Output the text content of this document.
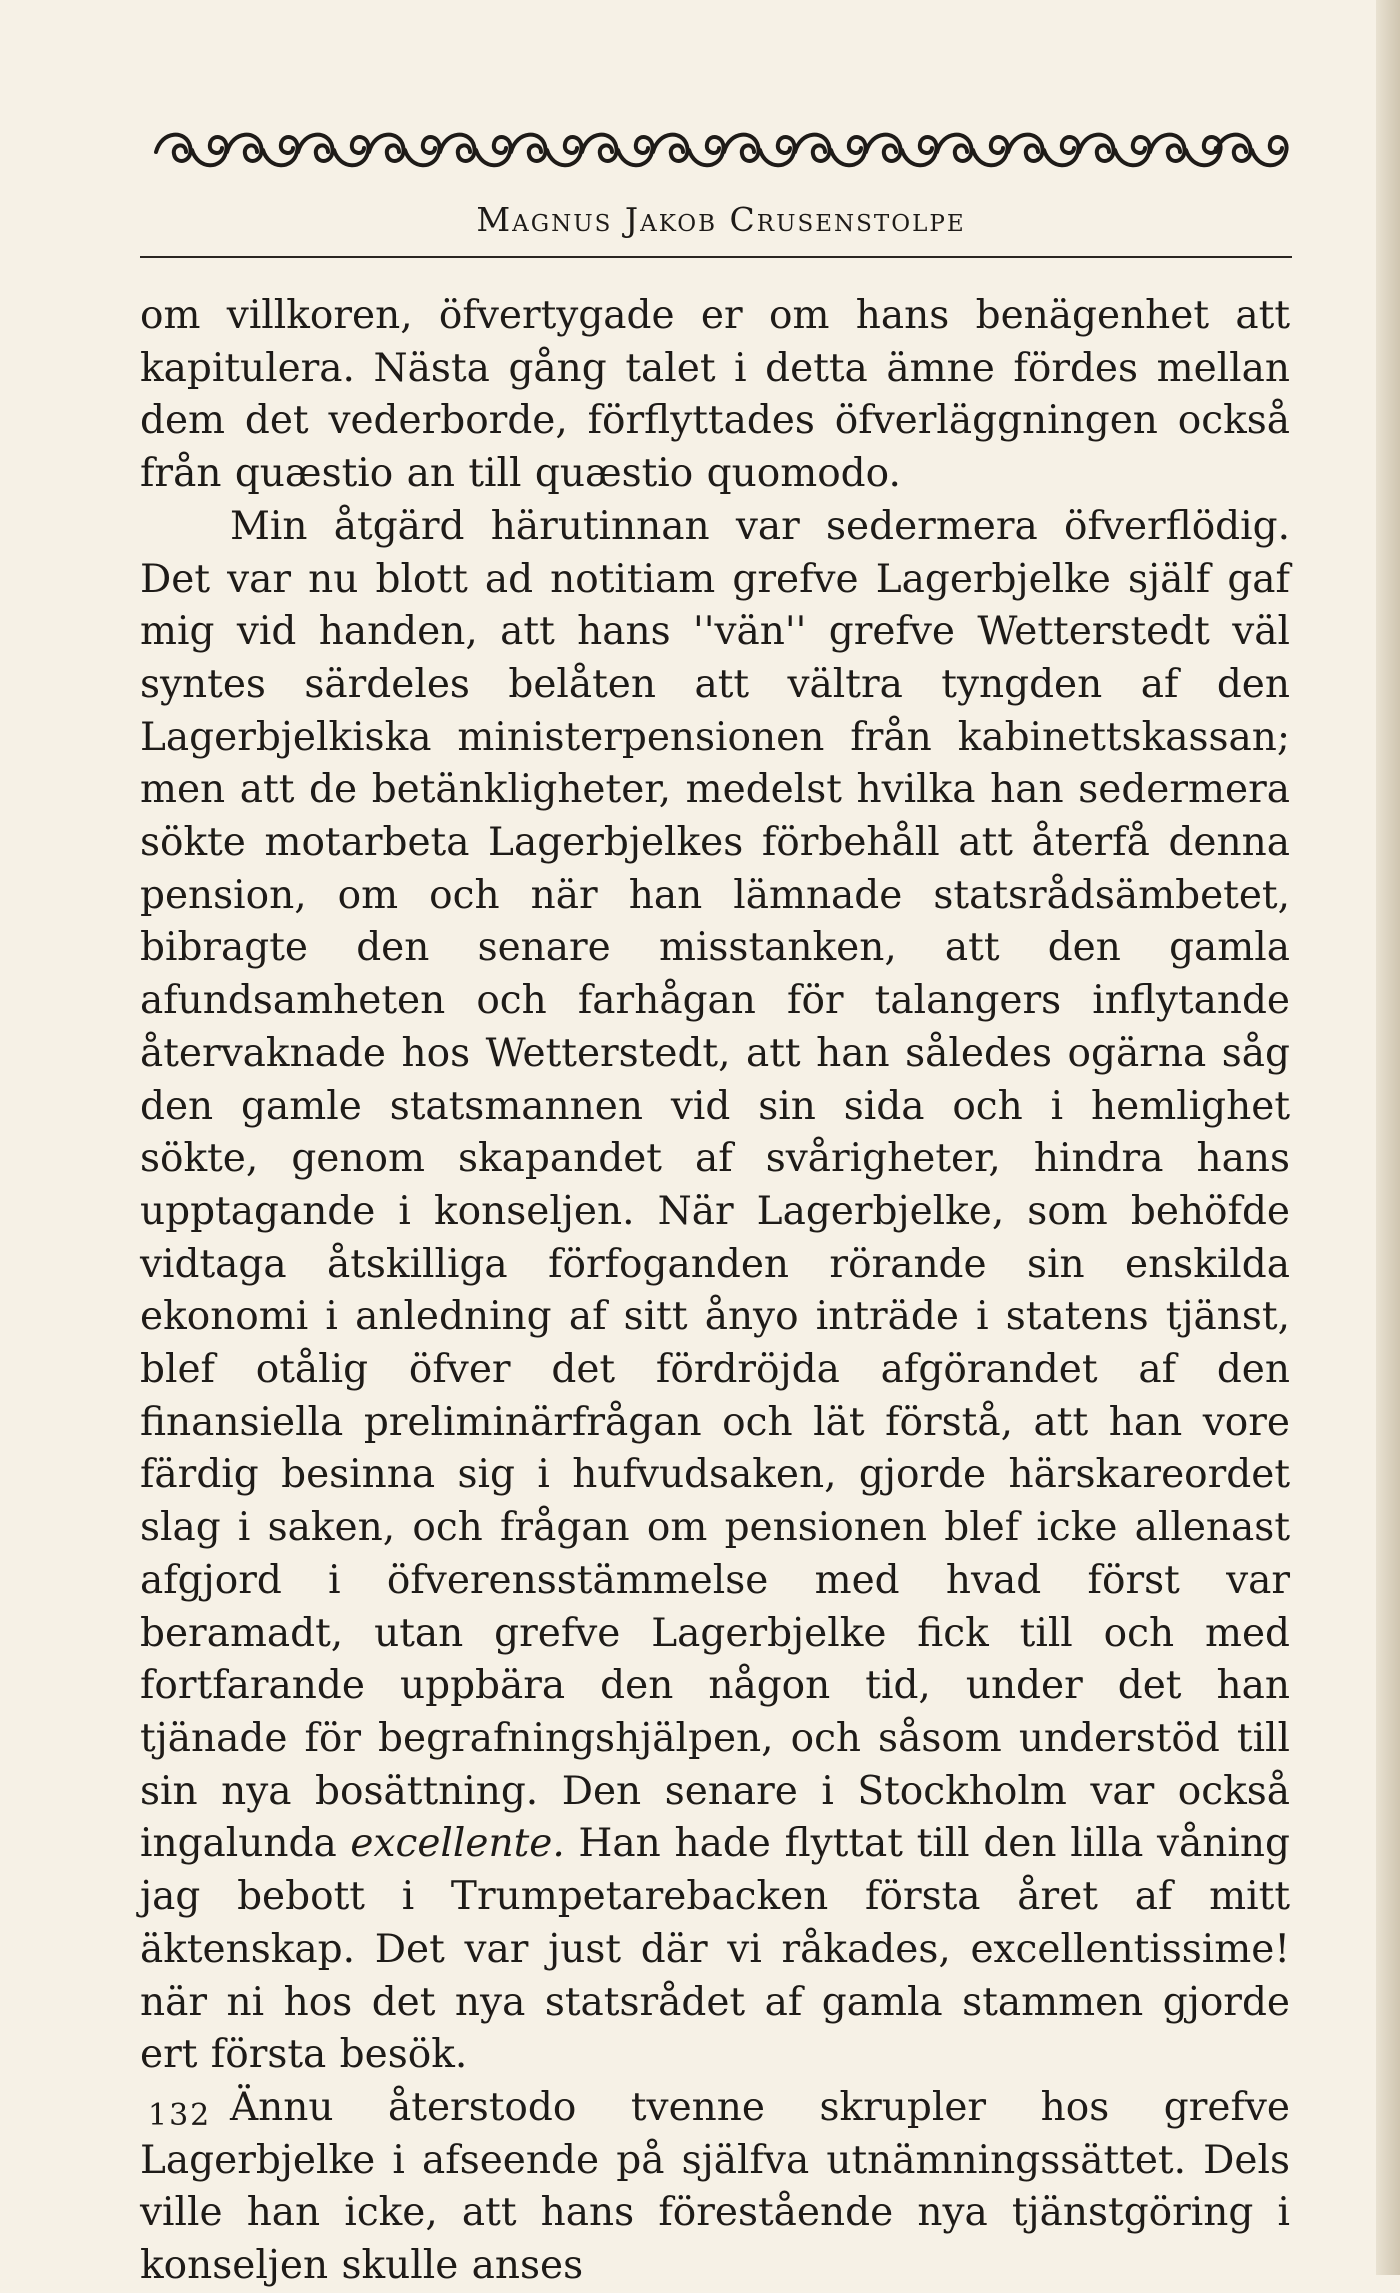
Magnus Jakob Crusenstolpe

om villkoren, öfvertygade er om hans benägenhet att kapitulera. Nästa gång talet i detta ämne fördes mellan dem det vederborde, förflyttades öfverläggningen också från quæstio an till quæstio quomodo.

Min åtgärd härutinnan var sedermera öfverflödig. Det var nu blott ad notitiam grefve Lagerbjelke själf gaf mig vid handen, att hans ''vän'' grefve Wetterstedt väl syntes särdeles belåten att vältra tyngden af den Lagerbjelkiska ministerpensionen från kabinettskassan; men att de betänkligheter, medelst hvilka han sedermera sökte motarbeta Lagerbjelkes förbehåll att återfå denna pension, om och när han lämnade statsrådsämbetet, bibragte den senare misstanken, att den gamla afundsamheten och farhågan för talangers inflytande återvaknade hos Wetterstedt, att han således ogärna såg den gamle statsmannen vid sin sida och i hemlighet sökte, genom skapandet af svårigheter, hindra hans upptagande i konseljen. När Lagerbjelke, som behöfde vidtaga åtskilliga förfoganden rörande sin enskilda ekonomi i anledning af sitt ånyo inträde i statens tjänst, blef otålig öfver det fördröjda afgörandet af den finansiella preliminärfrågan och lät förstå, att han vore färdig besinna sig i hufvudsaken, gjorde härskareordet slag i saken, och frågan om pensionen blef icke allenast afgjord i öfverensstämmelse med hvad först var beramadt, utan grefve Lagerbjelke fick till och med fortfarande uppbära den någon tid, under det han tjänade för begrafningshjälpen, och såsom understöd till sin nya bosättning. Den senare i Stockholm var också ingalunda excellente. Han hade flyttat till den lilla våning jag bebott i Trumpetarebacken första året af mitt äktenskap. Det var just där vi råkades, excellentissime! när ni hos det nya statsrådet af gamla stammen gjorde ert första besök.

Ännu återstodo tvenne skrupler hos grefve Lagerbjelke i afseende på själfva utnämningssättet. Dels ville han icke, att hans förestående nya tjänstgöring i konseljen skulle anses

132
